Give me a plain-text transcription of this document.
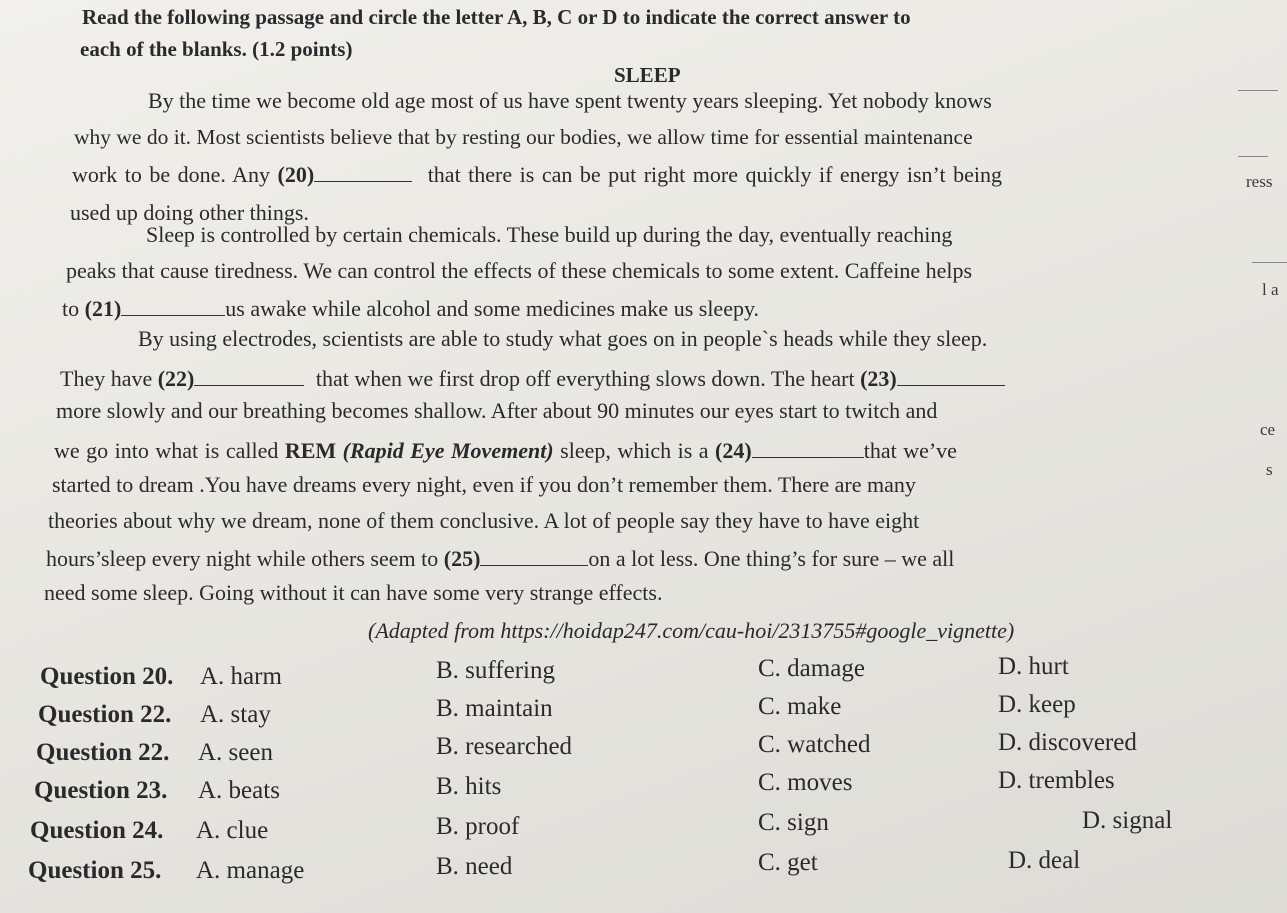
Read the following passage and circle the letter A, B, C or D to indicate the correct answer to
each of the blanks. (1.2 points)
SLEEP
By the time we become old age most of us have spent twenty years sleeping. Yet nobody knows
why we do it. Most scientists believe that by resting our bodies, we allow time for essential maintenance
work to be done. Any (20)	that there is can be put right more quickly if energy isn’t being
used up doing other things.
Sleep is controlled by certain chemicals. These build up during the day, eventually reaching
peaks that cause tiredness. We can control the effects of these chemicals to some extent. Caffeine helps
to (21)	us awake while alcohol and some medicines make us sleepy.
By using electrodes, scientists are able to study what goes on in people`s heads while they sleep.
They have (22)	that when we first drop off everything slows down. The heart (23)
more slowly and our breathing becomes shallow. After about 90 minutes our eyes start to twitch and
we go into what is called REM (Rapid Eye Movement) sleep, which is a (24)	that we’ve
started to dream .You have dreams every night, even if you don’t remember them. There are many
theories about why we dream, none of them conclusive. A lot of people say they have to have eight
hours’sleep every night while others seem to (25)	on a lot less. One thing’s for sure – we all
need some sleep. Going without it can have some very strange effects.
(Adapted from https://hoidap247.com/cau-hoi/2313755#google_vignette)
Question 20. A. harm	B. suffering	C. damage	D. hurt
Question 22. A. stay	B. maintain	C. make	D. keep
Question 22. A. seen	B. researched	C. watched	D. discovered
Question 23. A. beats	B. hits	C. moves	D. trembles
Question 24. A. clue	B. proof	C. sign	D. signal
Question 25. A. manage	B. need	C. get	D. deal
ress
l a
ce
s
